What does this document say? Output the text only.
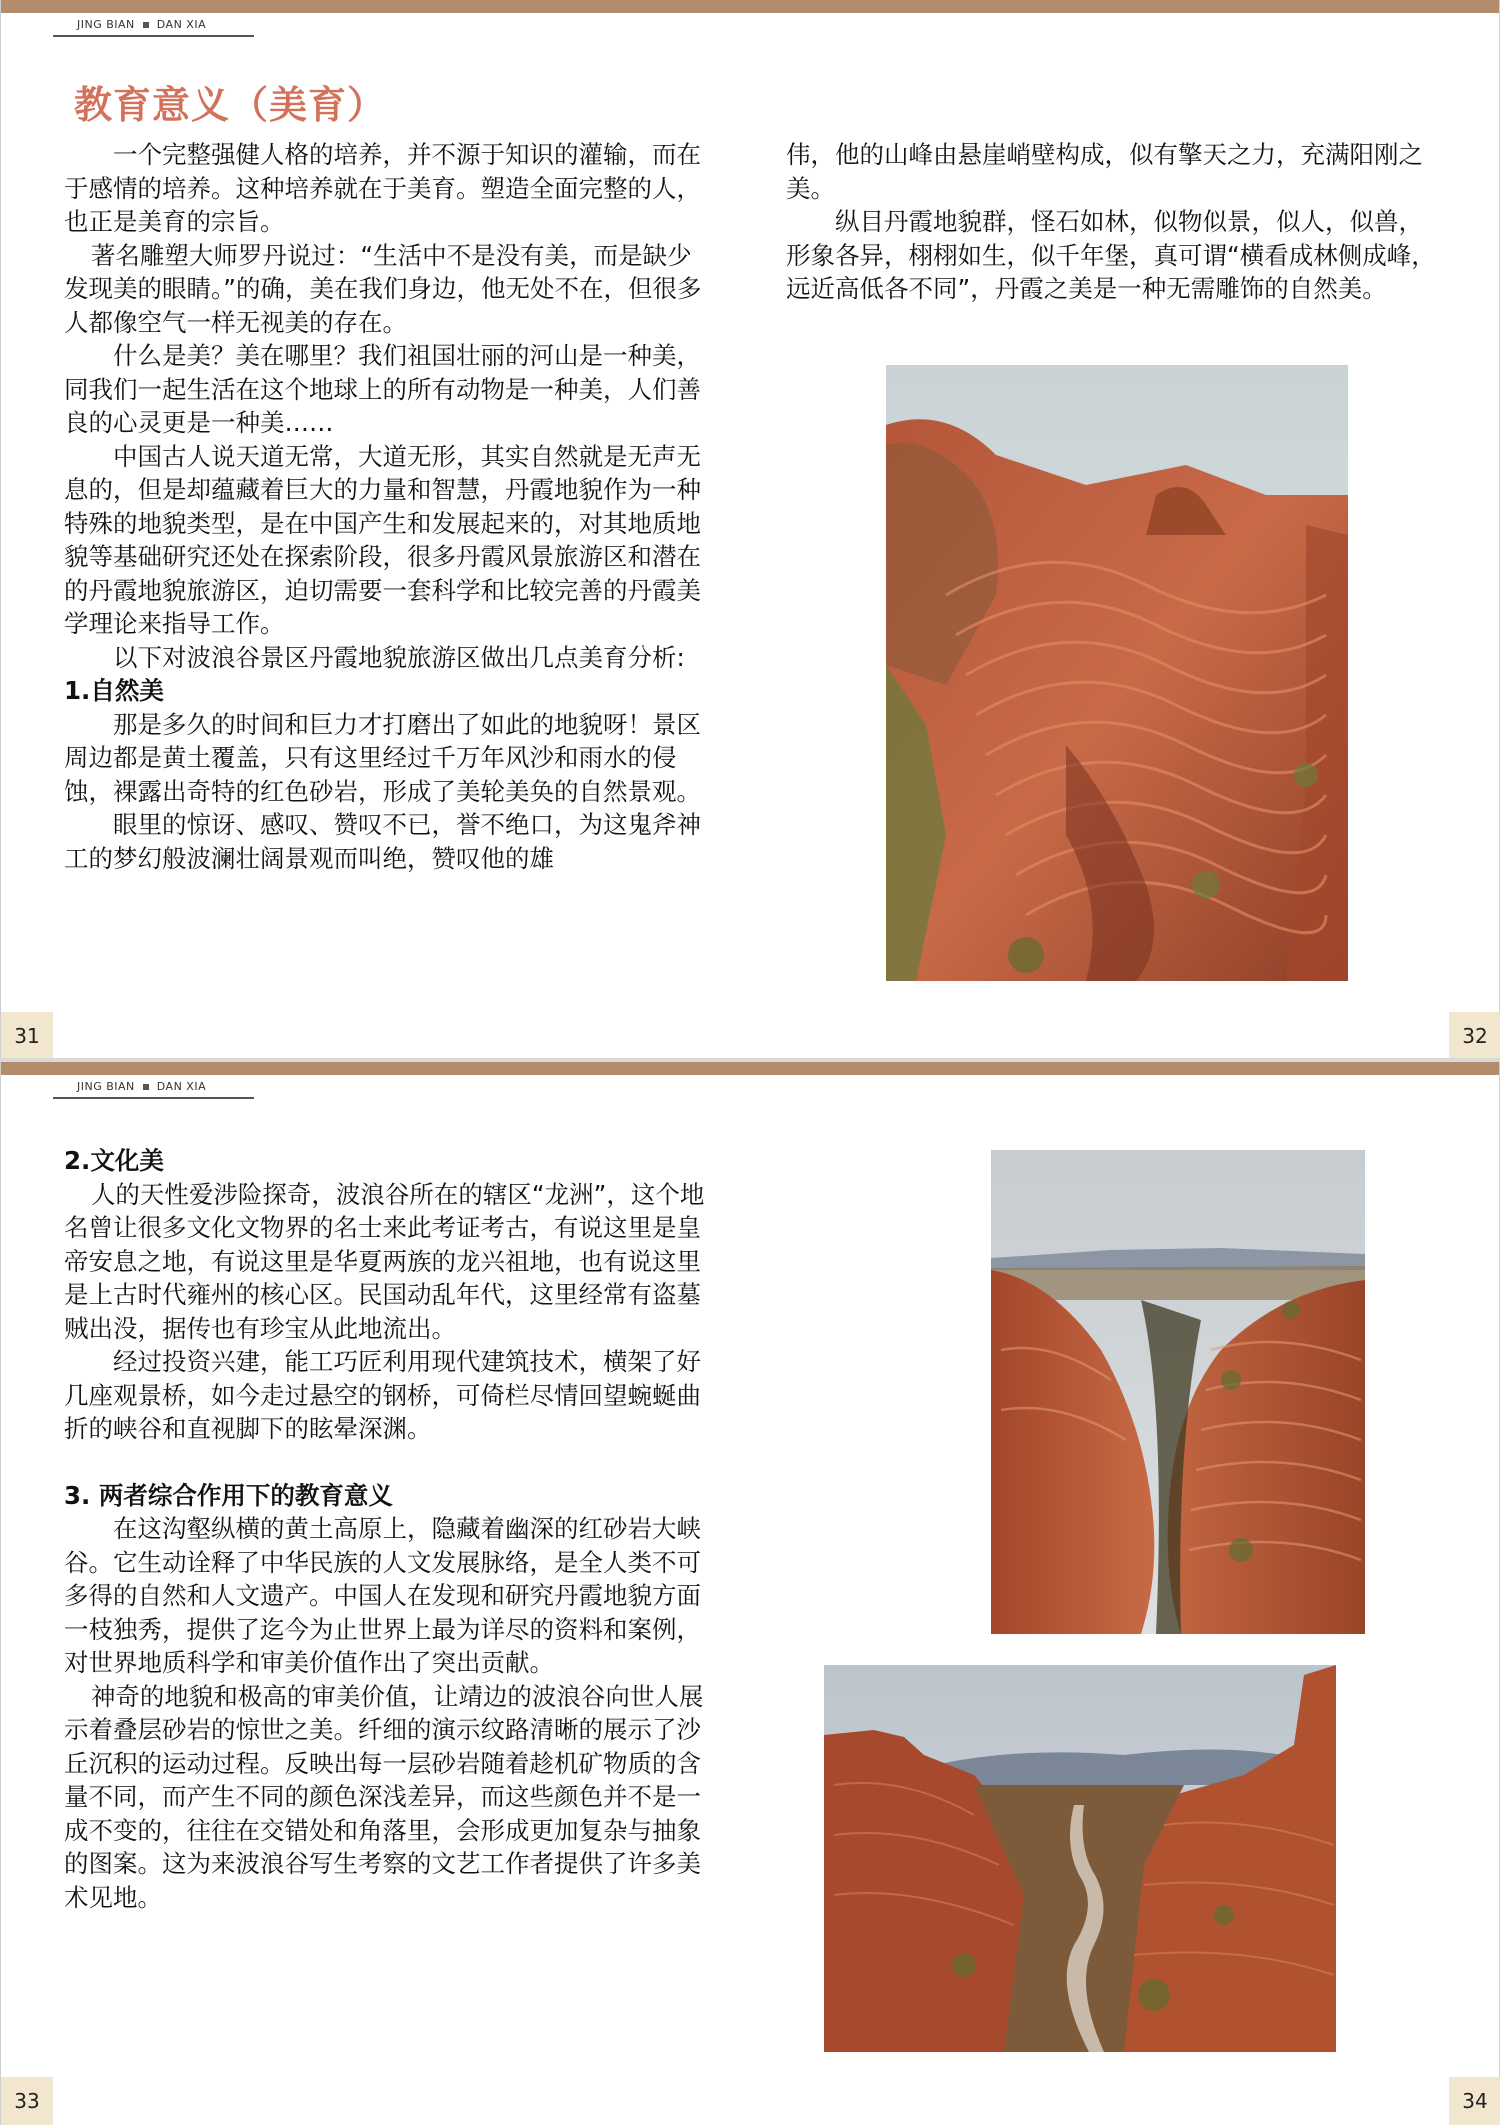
JING BIAN DAN XIA
教育意义（美育）

一个完整强健人格的培养，并不源于知识的灌输，而在于感情的培养。这种培养就在于美育。塑造全面完整的人，也正是美育的宗旨。

著名雕塑大师罗丹说过：“生活中不是没有美，而是缺少发现美的眼睛。”的确，美在我们身边，他无处不在，但很多人都像空气一样无视美的存在。

什么是美？美在哪里？我们祖国壮丽的河山是一种美，同我们一起生活在这个地球上的所有动物是一种美，人们善良的心灵更是一种美……

中国古人说天道无常，大道无形，其实自然就是无声无息的，但是却蕴藏着巨大的力量和智慧，丹霞地貌作为一种特殊的地貌类型，是在中国产生和发展起来的，对其地质地貌等基础研究还处在探索阶段，很多丹霞风景旅游区和潜在的丹霞地貌旅游区，迫切需要一套科学和比较完善的丹霞美学理论来指导工作。

以下对波浪谷景区丹霞地貌旅游区做出几点美育分析:

1.自然美

那是多久的时间和巨力才打磨出了如此的地貌呀！景区周边都是黄土覆盖，只有这里经过千万年风沙和雨水的侵蚀，裸露出奇特的红色砂岩，形成了美轮美奂的自然景观。

眼里的惊讶、感叹、赞叹不已，誉不绝口，为这鬼斧神工的梦幻般波澜壮阔景观而叫绝，赞叹他的雄

伟，他的山峰由悬崖峭壁构成，似有擎天之力，充满阳刚之美。

纵目丹霞地貌群，怪石如林，似物似景，似人，似兽，形象各异，栩栩如生，似千年堡，真可谓“横看成林侧成峰，远近高低各不同”，丹霞之美是一种无需雕饰的自然美。

31	32
JING BIAN DAN XIA
2.文化美

人的天性爱涉险探奇，波浪谷所在的辖区“龙洲”，这个地名曾让很多文化文物界的名士来此考证考古，有说这里是皇帝安息之地，有说这里是华夏两族的龙兴祖地，也有说这里是上古时代雍州的核心区。民国动乱年代，这里经常有盗墓贼出没，据传也有珍宝从此地流出。

经过投资兴建，能工巧匠利用现代建筑技术，横架了好几座观景桥，如今走过悬空的钢桥，可倚栏尽情回望蜿蜒曲折的峡谷和直视脚下的眩晕深渊。

3. 两者综合作用下的教育意义

在这沟壑纵横的黄土高原上，隐藏着幽深的红砂岩大峡谷。它生动诠释了中华民族的人文发展脉络，是全人类不可多得的自然和人文遗产。中国人在发现和研究丹霞地貌方面一枝独秀，提供了迄今为止世界上最为详尽的资料和案例，对世界地质科学和审美价值作出了突出贡献。

神奇的地貌和极高的审美价值，让靖边的波浪谷向世人展示着叠层砂岩的惊世之美。纤细的演示纹路清晰的展示了沙丘沉积的运动过程。反映出每一层砂岩随着趁机矿物质的含量不同，而产生不同的颜色深浅差异，而这些颜色并不是一成不变的，往往在交错处和角落里，会形成更加复杂与抽象的图案。这为来波浪谷写生考察的文艺工作者提供了许多美术见地。

33	34
